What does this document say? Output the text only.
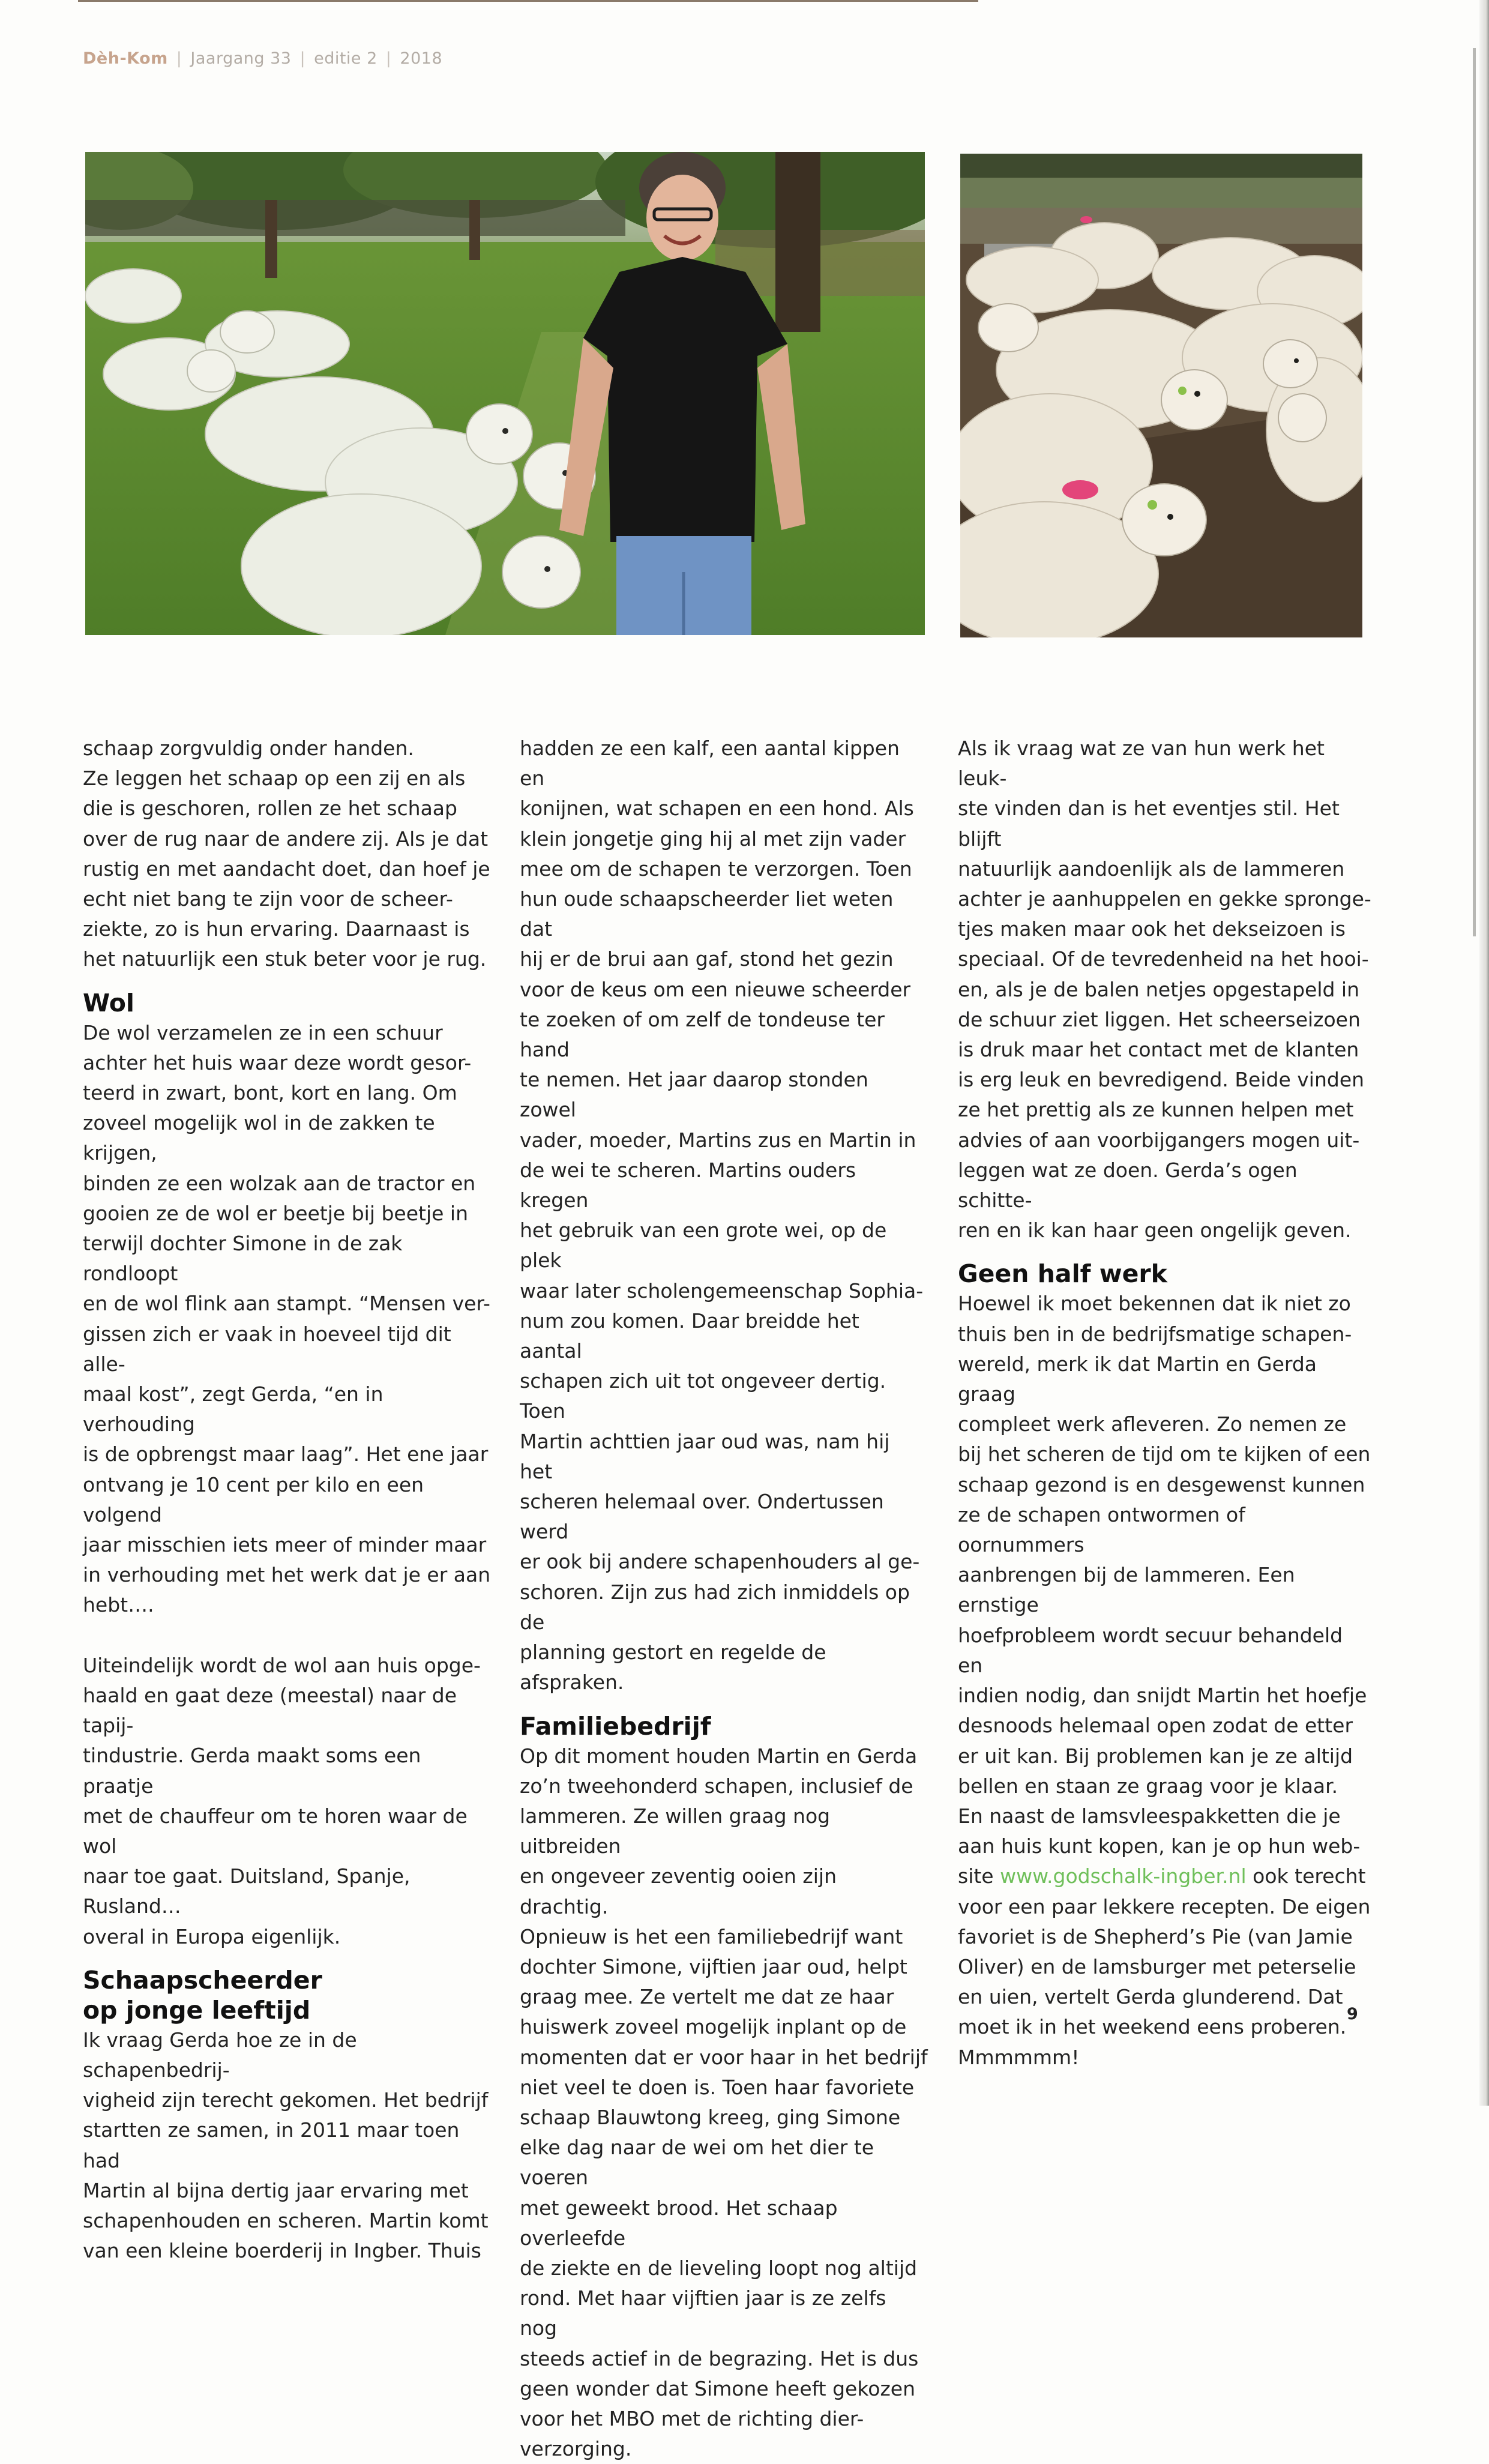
Dèh-Kom | Jaargang 33 | editie 2 | 2018

schaap zorgvuldig onder handen.
Ze leggen het schaap op een zij en als
die is geschoren, rollen ze het schaap
over de rug naar de andere zij. Als je dat
rustig en met aandacht doet, dan hoef je
echt niet bang te zijn voor de scheer-
ziekte, zo is hun ervaring. Daarnaast is
het natuurlijk een stuk beter voor je rug.

Wol

De wol verzamelen ze in een schuur
achter het huis waar deze wordt gesor-
teerd in zwart, bont, kort en lang. Om
zoveel mogelijk wol in de zakken te krijgen,
binden ze een wolzak aan de tractor en
gooien ze de wol er beetje bij beetje in
terwijl dochter Simone in de zak rondloopt
en de wol flink aan stampt. “Mensen ver-
gissen zich er vaak in hoeveel tijd dit alle-
maal kost”, zegt Gerda, “en in verhouding
is de opbrengst maar laag”. Het ene jaar
ontvang je 10 cent per kilo en een volgend
jaar misschien iets meer of minder maar
in verhouding met het werk dat je er aan
hebt….

Uiteindelijk wordt de wol aan huis opge-
haald en gaat deze (meestal) naar de tapij-
tindustrie. Gerda maakt soms een praatje
met de chauffeur om te horen waar de wol
naar toe gaat. Duitsland, Spanje, Rusland…
overal in Europa eigenlijk.

Schaapscheerder
op jonge leeftijd

Ik vraag Gerda hoe ze in de schapenbedrij-
vigheid zijn terecht gekomen. Het bedrijf
startten ze samen, in 2011 maar toen had
Martin al bijna dertig jaar ervaring met
schapenhouden en scheren. Martin komt
van een kleine boerderij in Ingber. Thuis

hadden ze een kalf, een aantal kippen en
konijnen, wat schapen en een hond. Als
klein jongetje ging hij al met zijn vader
mee om de schapen te verzorgen. Toen
hun oude schaapscheerder liet weten dat
hij er de brui aan gaf, stond het gezin
voor de keus om een nieuwe scheerder
te zoeken of om zelf de tondeuse ter hand
te nemen. Het jaar daarop stonden zowel
vader, moeder, Martins zus en Martin in
de wei te scheren. Martins ouders kregen
het gebruik van een grote wei, op de plek
waar later scholengemeenschap Sophia-
num zou komen. Daar breidde het aantal
schapen zich uit tot ongeveer dertig. Toen
Martin achttien jaar oud was, nam hij het
scheren helemaal over. Ondertussen werd
er ook bij andere schapenhouders al ge-
schoren. Zijn zus had zich inmiddels op de
planning gestort en regelde de afspraken.

Familiebedrijf

Op dit moment houden Martin en Gerda
zo’n tweehonderd schapen, inclusief de
lammeren. Ze willen graag nog uitbreiden
en ongeveer zeventig ooien zijn drachtig.
Opnieuw is het een familiebedrijf want
dochter Simone, vijftien jaar oud, helpt
graag mee. Ze vertelt me dat ze haar
huiswerk zoveel mogelijk inplant op de
momenten dat er voor haar in het bedrijf
niet veel te doen is. Toen haar favoriete
schaap Blauwtong kreeg, ging Simone
elke dag naar de wei om het dier te voeren
met geweekt brood. Het schaap overleefde
de ziekte en de lieveling loopt nog altijd
rond. Met haar vijftien jaar is ze zelfs nog
steeds actief in de begrazing. Het is dus
geen wonder dat Simone heeft gekozen
voor het MBO met de richting dier-
verzorging.

Als ik vraag wat ze van hun werk het leuk-
ste vinden dan is het eventjes stil. Het blijft
natuurlijk aandoenlijk als de lammeren
achter je aanhuppelen en gekke spronge-
tjes maken maar ook het dekseizoen is
speciaal. Of de tevredenheid na het hooi-
en, als je de balen netjes opgestapeld in
de schuur ziet liggen. Het scheerseizoen
is druk maar het contact met de klanten
is erg leuk en bevredigend. Beide vinden
ze het prettig als ze kunnen helpen met
advies of aan voorbijgangers mogen uit-
leggen wat ze doen. Gerda’s ogen schitte-
ren en ik kan haar geen ongelijk geven.

Geen half werk

Hoewel ik moet bekennen dat ik niet zo
thuis ben in de bedrijfsmatige schapen-
wereld, merk ik dat Martin en Gerda graag
compleet werk afleveren. Zo nemen ze
bij het scheren de tijd om te kijken of een
schaap gezond is en desgewenst kunnen
ze de schapen ontwormen of oornummers
aanbrengen bij de lammeren. Een ernstige
hoefprobleem wordt secuur behandeld en
indien nodig, dan snijdt Martin het hoefje
desnoods helemaal open zodat de etter
er uit kan. Bij problemen kan je ze altijd
bellen en staan ze graag voor je klaar.
En naast de lamsvleespakketten die je
aan huis kunt kopen, kan je op hun web-
site www.godschalk-ingber.nl ook terecht
voor een paar lekkere recepten. De eigen
favoriet is de Shepherd’s Pie (van Jamie
Oliver) en de lamsburger met peterselie
en uien, vertelt Gerda glunderend. Dat
moet ik in het weekend eens proberen.
Mmmmmm!

9
